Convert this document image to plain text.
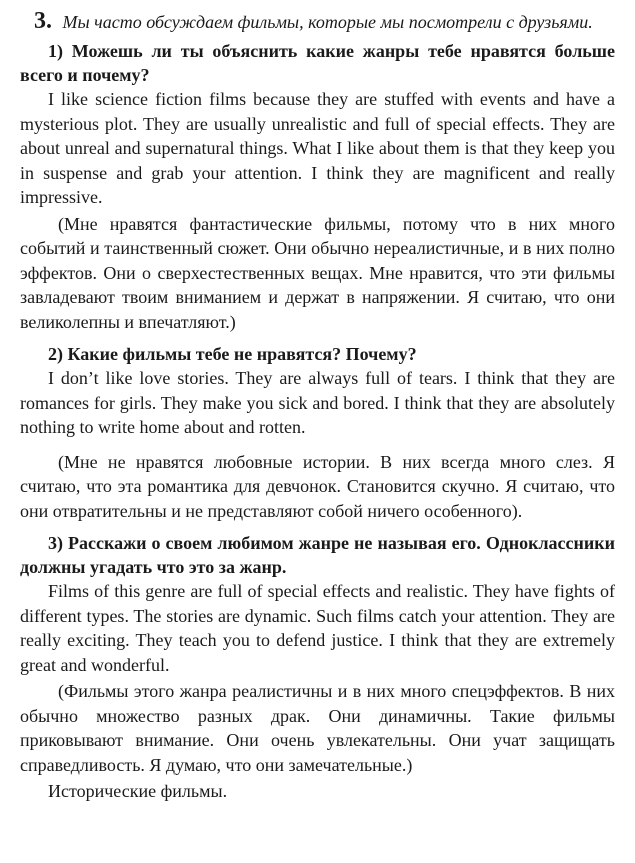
3. Мы часто обсуждаем фильмы, которые мы посмотрели с друзьями.

1) Можешь ли ты объяснить какие жанры тебе нравятся больше всего и почему?

I like science fiction films because they are stuffed with events and have a mysterious plot. They are usually unrealistic and full of special effects. They are about unreal and supernatural things. What I like about them is that they keep you in suspense and grab your attention. I think they are magnificent and really impressive.

(Мне нравятся фантастические фильмы, потому что в них много событий и таинственный сюжет. Они обычно нереалистичные, и в них полно эффектов. Они о сверхестественных вещах. Мне нравится, что эти фильмы завладевают твоим вниманием и держат в напряжении. Я считаю, что они великолепны и впечатляют.)

2) Какие фильмы тебе не нравятся? Почему?

I don’t like love stories. They are always full of tears. I think that they are romances for girls. They make you sick and bored. I think that they are absolutely nothing to write home about and rotten.

(Мне не нравятся любовные истории. В них всегда много слез. Я считаю, что эта романтика для девчонок. Становится скучно. Я считаю, что они отвратительны и не представляют собой ничего особенного).

3) Расскажи о своем любимом жанре не называя его. Одноклассники должны угадать что это за жанр.

Films of this genre are full of special effects and realistic. They have fights of different types. The stories are dynamic. Such films catch your attention. They are really exciting. They teach you to defend justice. I think that they are extremely great and wonderful.

(Фильмы этого жанра реалистичны и в них много спецэффектов. В них обычно множество разных драк. Они динамичны. Такие фильмы приковывают внимание. Они очень увлекательны. Они учат защищать справедливость. Я думаю, что они замечательные.)

Исторические фильмы.
